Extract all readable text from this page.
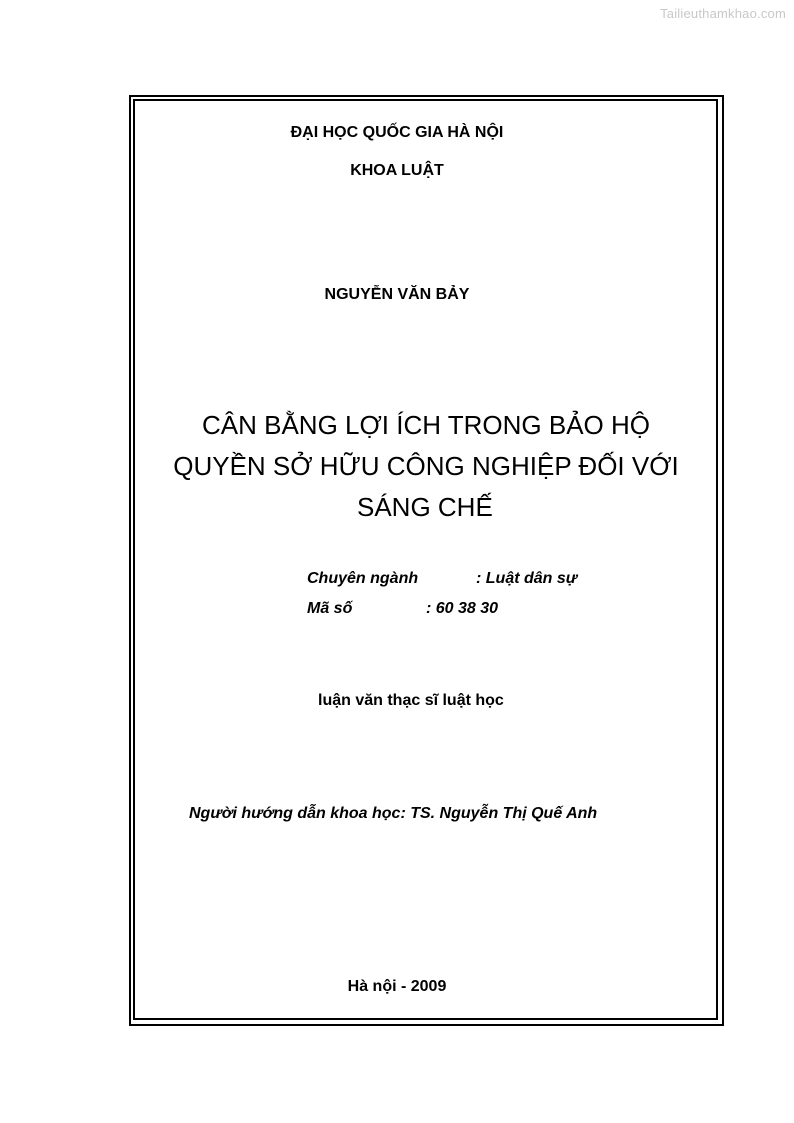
Tailieuthamkhao.com
ĐẠI HỌC QUỐC GIA HÀ NỘI
KHOA LUẬT
NGUYỄN VĂN BẢY
CÂN BẰNG LỢI ÍCH TRONG BẢO HỘ
QUYỀN SỞ HỮU CÔNG NGHIỆP ĐỐI VỚI
SÁNG CHẾ
Chuyên ngành	: Luật dân sự
Mã số	: 60 38 30
luận văn thạc sĩ luật học
Người hướng dẫn khoa học: TS. Nguyễn Thị Quế Anh
Hà nội - 2009
